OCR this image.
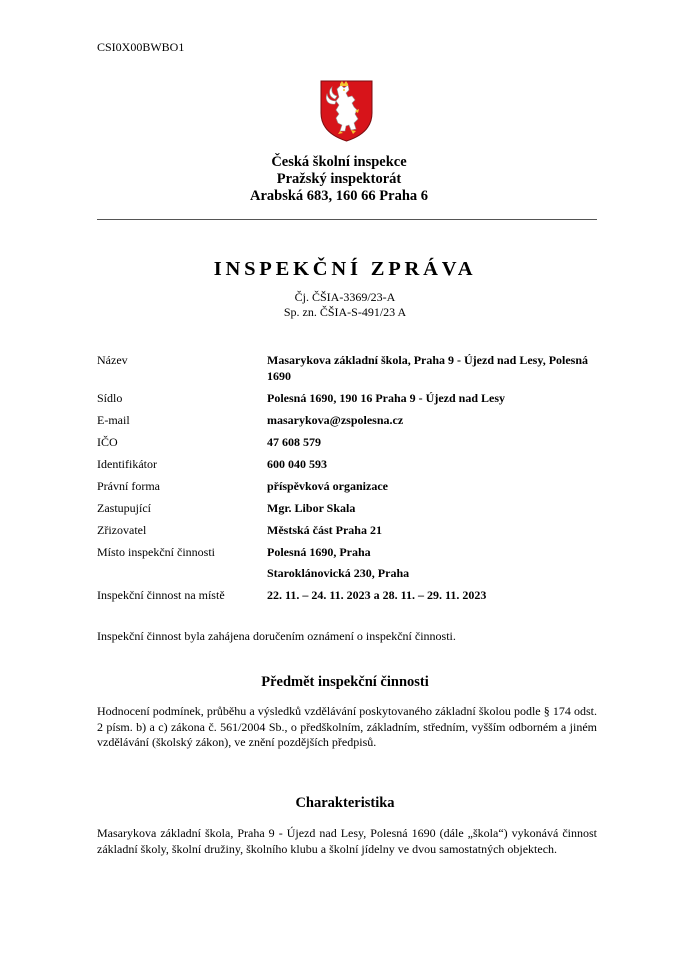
CSI0X00BWBO1
Česká školní inspekce
Pražský inspektorát
Arabská 683, 160 66 Praha 6
INSPEKČNÍ ZPRÁVA
Čj. ČŠIA-3369/23-A
Sp. zn. ČŠIA-S-491/23 A
Název	Masarykova základní škola, Praha 9 - Újezd nad Lesy, Polesná 1690
Sídlo	Polesná 1690, 190 16 Praha 9 - Újezd nad Lesy
E-mail	masarykova@zspolesna.cz
IČO	47 608 579
Identifikátor	600 040 593
Právní forma	příspěvková organizace
Zastupující	Mgr. Libor Skala
Zřizovatel	Městská část Praha 21
Místo inspekční činnosti	Polesná 1690, Praha
Staroklánovická 230, Praha
Inspekční činnost na místě	22. 11. – 24. 11. 2023 a 28. 11. – 29. 11. 2023
Inspekční činnost byla zahájena doručením oznámení o inspekční činnosti.
Předmět inspekční činnosti
Hodnocení podmínek, průběhu a výsledků vzdělávání poskytovaného základní školou podle § 174 odst. 2 písm. b) a c) zákona č. 561/2004 Sb., o předškolním, základním, středním, vyšším odborném a jiném vzdělávání (školský zákon), ve znění pozdějších předpisů.
Charakteristika
Masarykova základní škola, Praha 9 - Újezd nad Lesy, Polesná 1690 (dále „škola“) vykonává činnost základní školy, školní družiny, školního klubu a školní jídelny ve dvou samostatných objektech.
